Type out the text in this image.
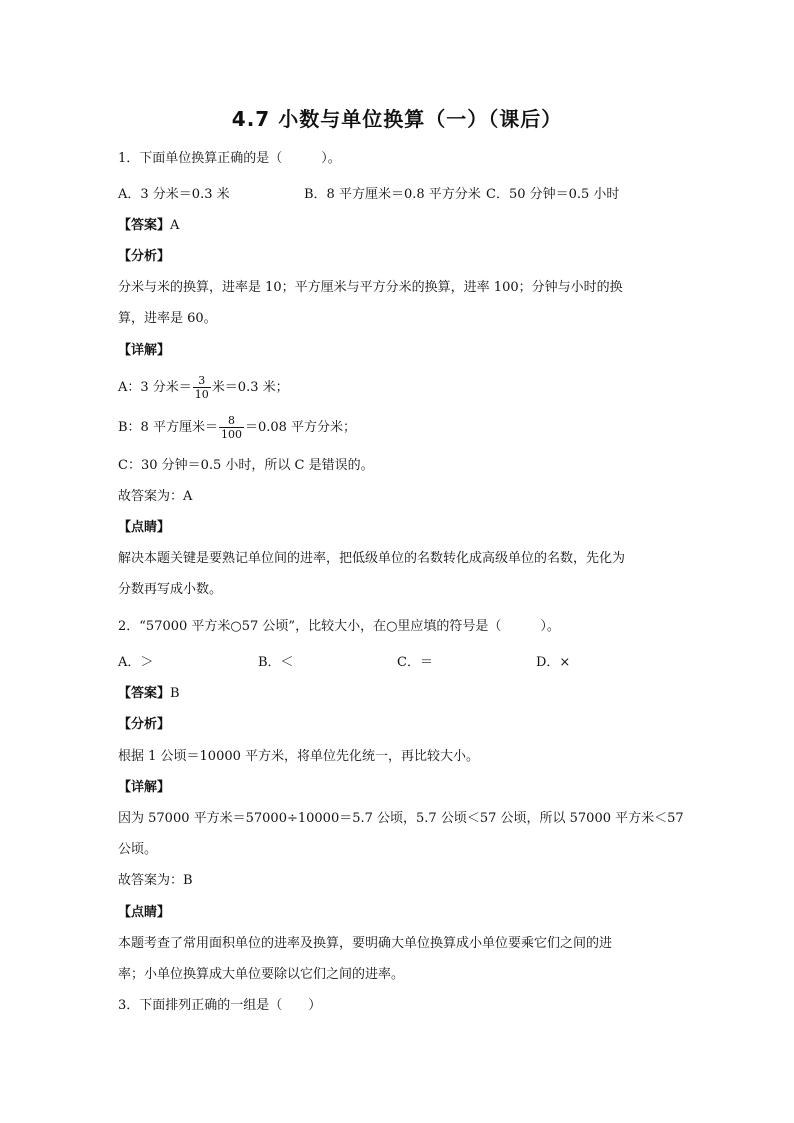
4.7 小数与单位换算（一）（课后）
1．下面单位换算正确的是（　　　）。
A．3 分米＝0.3 米	B．8 平方厘米＝0.8 平方分米 C．50 分钟＝0.5 小时
【答案】A
【分析】
分米与米的换算，进率是 10；平方厘米与平方分米的换算，进率 100；分钟与小时的换
算，进率是 60。
【详解】
A：3 分米＝ $\frac{3}{10}$ 米＝0.3 米；
B：8 平方厘米＝ $\frac{8}{100} =0.08$ 平方分米；
C：30 分钟＝0.5 小时，所以 C 是错误的。
故答案为：A
【点睛】
解决本题关键是要熟记单位间的进率，把低级单位的名数转化成高级单位的名数，先化为
分数再写成小数。
2．“57000 平方米○57 公顷”，比较大小，在○里应填的符号是（　　　）。
A．＞	B．＜	C．＝	D．×
【答案】B
【分析】
根据 1 公顷＝10000 平方米，将单位先化统一，再比较大小。
【详解】
因为 57000 平方米＝57000÷10000＝5.7 公顷，5.7 公顷＜57 公顷，所以 57000 平方米＜57
公顷。
故答案为：B
【点睛】
本题考查了常用面积单位的进率及换算，要明确大单位换算成小单位要乘它们之间的进
率；小单位换算成大单位要除以它们之间的进率。
3．下面排列正确的一组是（　　）
